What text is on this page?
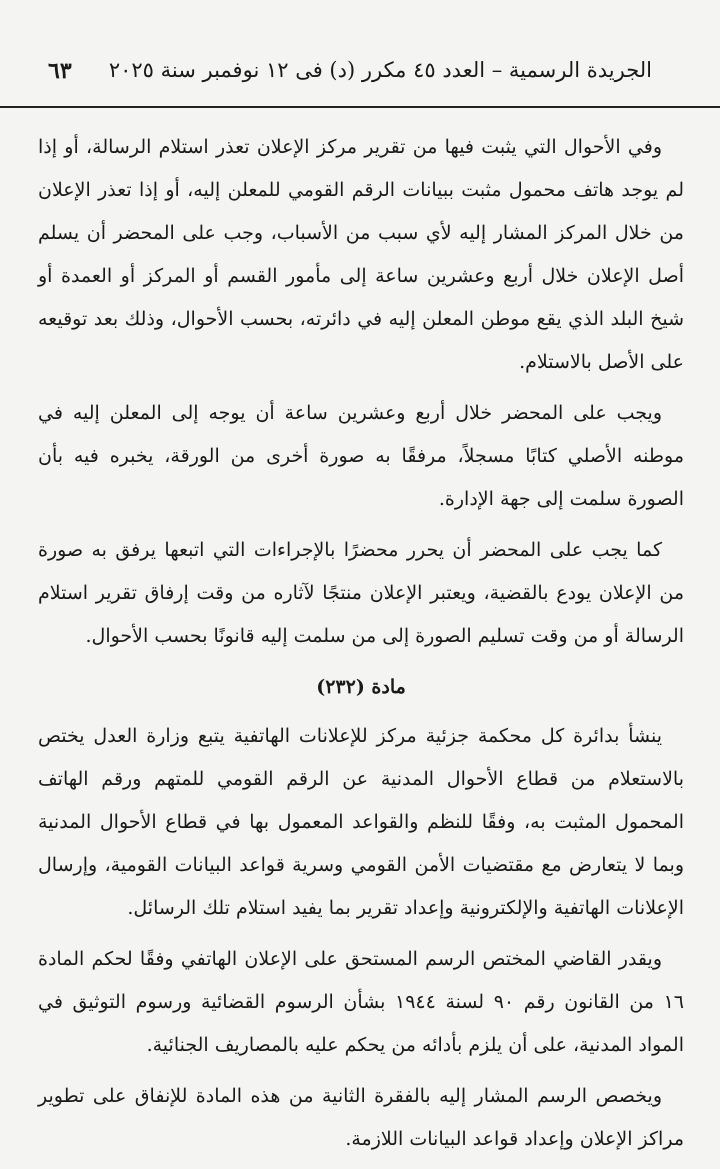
الجريدة الرسمية – العدد ٤٥ مكرر (د) فى ١٢ نوفمبر سنة ٢٠٢٥
٦٣

وفي الأحوال التي يثبت فيها من تقرير مركز الإعلان تعذر استلام الرسالة، أو إذا لم يوجد هاتف محمول مثبت ببيانات الرقم القومي للمعلن إليه، أو إذا تعذر الإعلان من خلال المركز المشار إليه لأي سبب من الأسباب، وجب على المحضر أن يسلم أصل الإعلان خلال أربع وعشرين ساعة إلى مأمور القسم أو المركز أو العمدة أو شيخ البلد الذي يقع موطن المعلن إليه في دائرته، بحسب الأحوال، وذلك بعد توقيعه على الأصل بالاستلام.

ويجب على المحضر خلال أربع وعشرين ساعة أن يوجه إلى المعلن إليه في موطنه الأصلي كتابًا مسجلاً، مرفقًا به صورة أخرى من الورقة، يخبره فيه بأن الصورة سلمت إلى جهة الإدارة.

كما يجب على المحضر أن يحرر محضرًا بالإجراءات التي اتبعها يرفق به صورة من الإعلان يودع بالقضية، ويعتبر الإعلان منتجًا لآثاره من وقت إرفاق تقرير استلام الرسالة أو من وقت تسليم الصورة إلى من سلمت إليه قانونًا بحسب الأحوال.

مادة (٢٣٢)

ينشأ بدائرة كل محكمة جزئية مركز للإعلانات الهاتفية يتبع وزارة العدل يختص بالاستعلام من قطاع الأحوال المدنية عن الرقم القومي للمتهم ورقم الهاتف المحمول المثبت به، وفقًا للنظم والقواعد المعمول بها في قطاع الأحوال المدنية وبما لا يتعارض مع مقتضيات الأمن القومي وسرية قواعد البيانات القومية، وإرسال الإعلانات الهاتفية والإلكترونية وإعداد تقرير بما يفيد استلام تلك الرسائل.

ويقدر القاضي المختص الرسم المستحق على الإعلان الهاتفي وفقًا لحكم المادة ١٦ من القانون رقم ٩٠ لسنة ١٩٤٤ بشأن الرسوم القضائية ورسوم التوثيق في المواد المدنية، على أن يلزم بأدائه من يحكم عليه بالمصاريف الجنائية.

ويخصص الرسم المشار إليه بالفقرة الثانية من هذه المادة للإنفاق على تطوير مراكز الإعلان وإعداد قواعد البيانات اللازمة.
